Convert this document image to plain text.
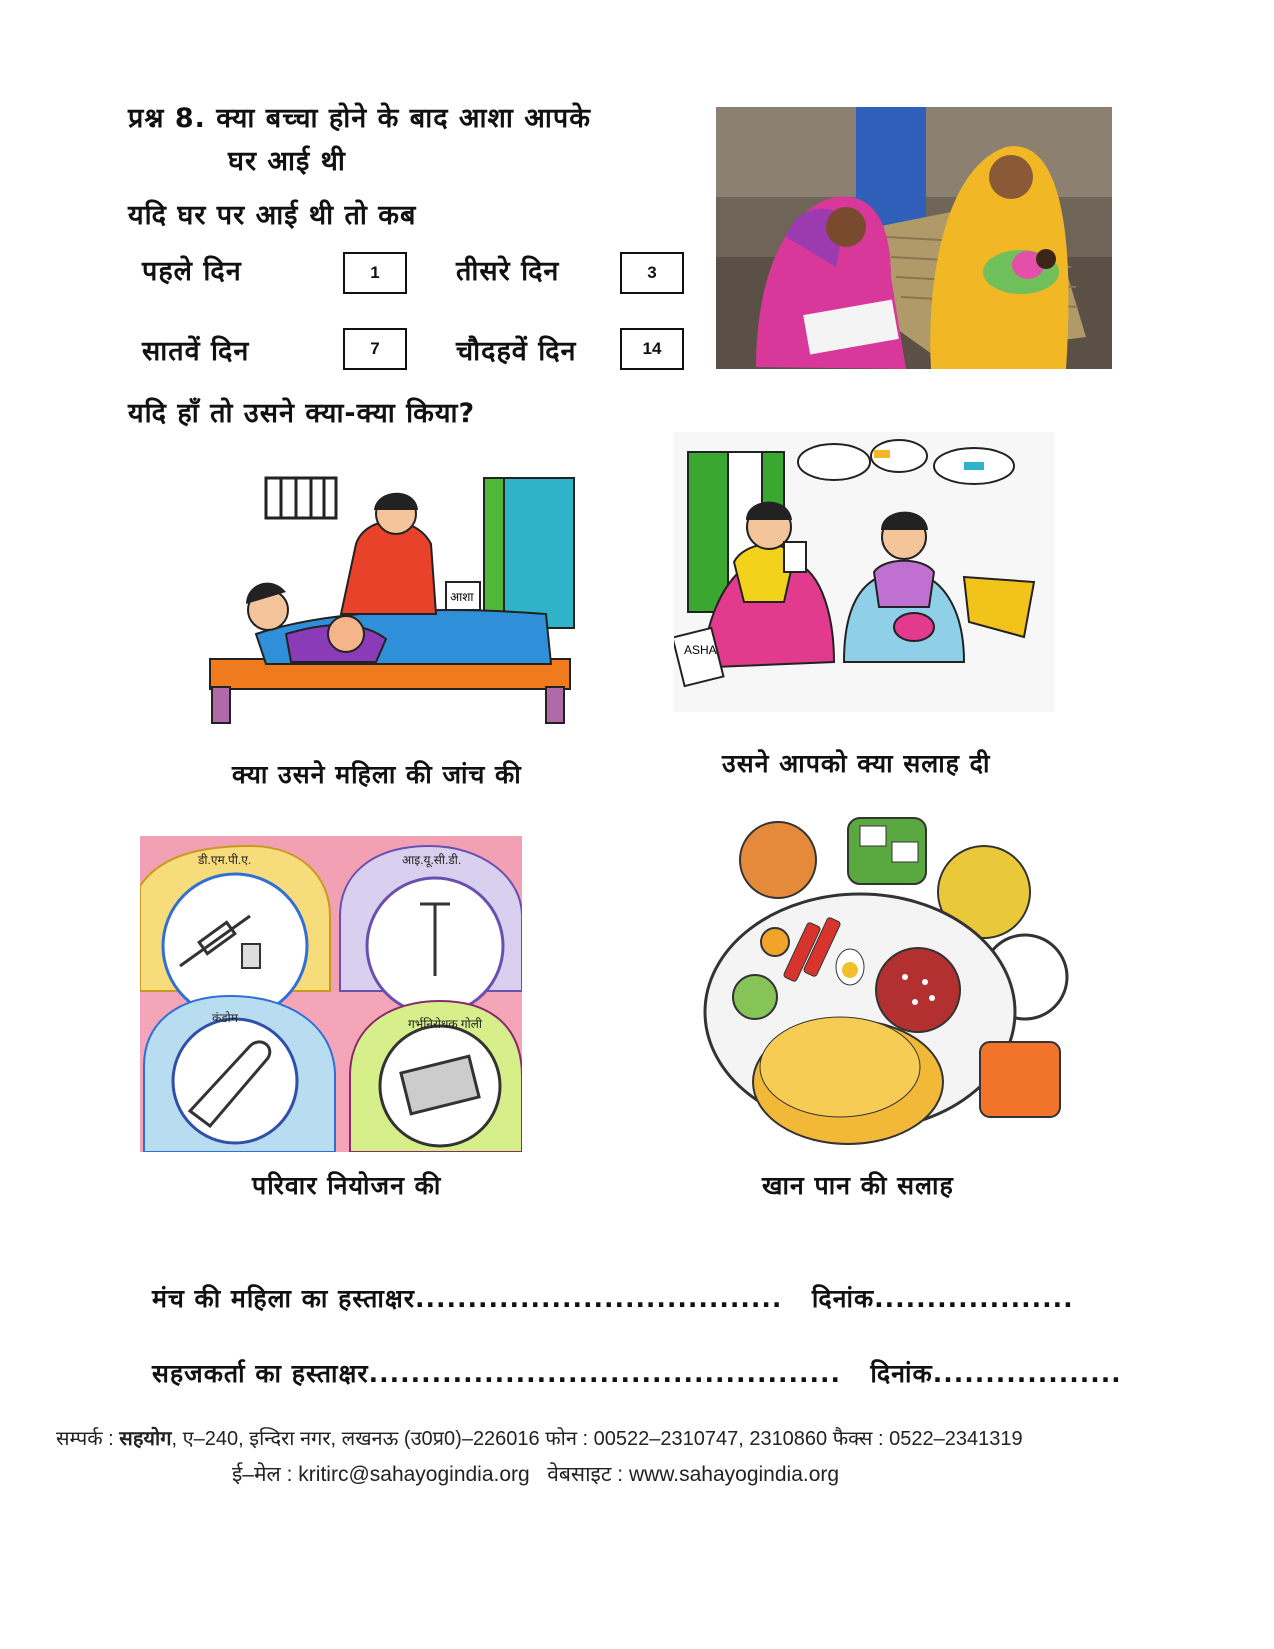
प्रश्न 8. क्या बच्चा होने के बाद आशा आपके
घर आई थी
यदि घर पर आई थी तो कब
पहले दिन	1	तीसरे दिन	3
सातवें दिन	7	चौदहवें दिन	14
यदि हाँ तो उसने क्या-क्या किया?
आशा
ASHA
क्या उसने महिला की जांच की	उसने आपको क्या सलाह दी
डी.एम.पी.ए.	आइ.यू.सी.डी.
कंडोम	गर्भनिरोधक गोली
परिवार नियोजन की	खान पान की सलाह
मंच की महिला का हस्ताक्षर................................... दिनांक...................
सहजकर्ता का हस्ताक्षर............................................. दिनांक..................
सम्पर्क : सहयोग, ए–240, इन्दिरा नगर, लखनऊ (उ0प्र0)–226016 फोन : 00522–2310747, 2310860 फैक्स : 0522–2341319
ई–मेल : kritirc@sahayogindia.org   वेबसाइट : www.sahayogindia.org
